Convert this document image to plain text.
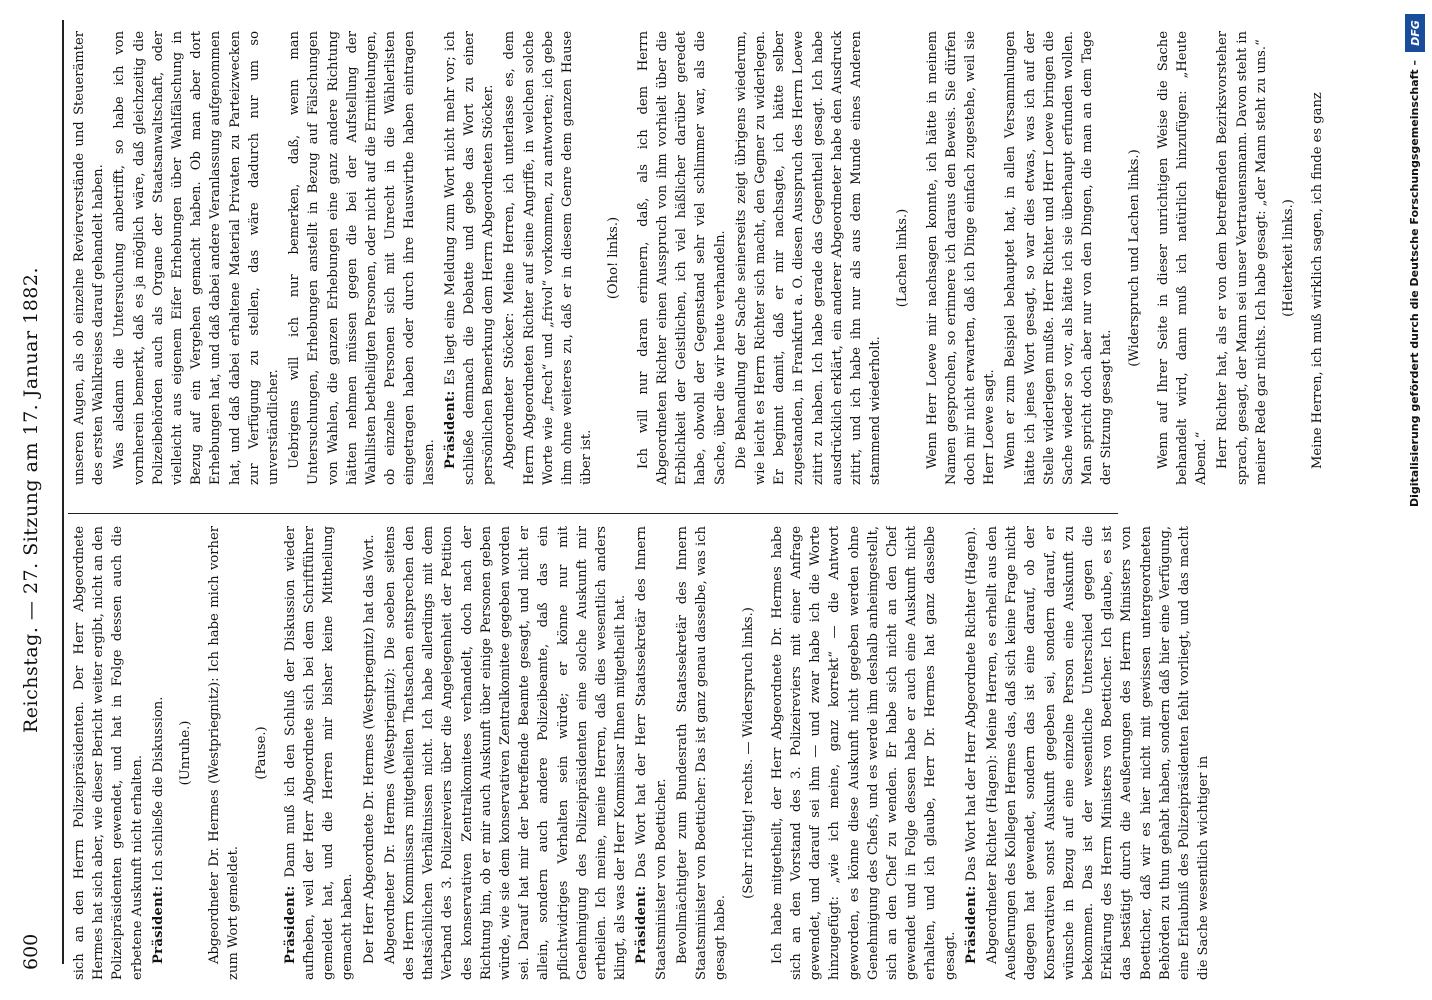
600
Reichstag. — 27. Sitzung am 17. Januar 1882.

sich an den Herrn Polizeipräsidenten. Der Herr Abgeordnete Hermes hat sich aber, wie dieser Bericht weiter ergibt, nicht an den Polizeipräsidenten gewendet, und hat in Folge dessen auch die erbetene Auskunft nicht erhalten. Präsident: Ich schließe die Diskussion. (Unruhe.) Abgeordneter Dr. Hermes (Westpriegnitz): Ich habe mich vorher zum Wort gemeldet.

(Pause.)

Präsident: Dann muß ich den Schluß der Diskussion wieder aufheben, weil der Herr Abgeordnete sich bei dem Schriftführer gemeldet hat, und die Herren mir bisher keine Mittheilung gemacht haben. Der Herr Abgeordnete Dr. Hermes (Westpriegnitz) hat das Wort. Abgeordneter Dr. Hermes (Westpriegnitz): Die soeben seitens des Herrn Kommissars mitgetheilten Thatsachen entsprechen den thatsächlichen Verhältnissen nicht. Ich habe allerdings mit dem Verband des 3. Polizeireviers über die Angelegenheit der Petition des konservativen Zentralkomitees verhandelt, doch nach der Richtung hin, ob er mir auch Auskunft über einige Personen geben würde, wie sie dem konservativen Zentralkomitee gegeben worden sei. Darauf hat mir der betreffende Beamte gesagt, und nicht er allein, sondern auch andere Polizeibeamte, daß das ein pflichtwidriges Verhalten sein würde; er könne nur mit Genehmigung des Polizeipräsidenten eine solche Auskunft mir ertheilen. Ich meine, meine Herren, daß dies wesentlich anders klingt, als was der Herr Kommissar Ihnen mitgetheilt hat. Präsident: Das Wort hat der Herr Staatssekretär des Innern Staatsminister von Boetticher. Bevollmächtigter zum Bundesrath Staatssekretär des Innern Staatsminister von Boetticher: Das ist ganz genau dasselbe, was ich gesagt habe.

(Sehr richtig! rechts. — Widerspruch links.) Ich habe mitgetheilt, der Herr Abgeordnete Dr. Hermes habe sich an den Vorstand des 3. Polizeireviers mit einer Anfrage gewendet, und darauf sei ihm — und zwar habe ich die Worte hinzugefügt: „wie ich meine, ganz korrekt“ — die Antwort geworden, es könne diese Auskunft nicht gegeben werden ohne Genehmigung des Chefs, und es werde ihm deshalb anheimgestellt, sich an den Chef zu wenden. Er habe sich nicht an den Chef gewendet und in Folge dessen habe er auch eine Auskunft nicht erhalten, und ich glaube, Herr Dr. Hermes hat ganz dasselbe gesagt. Präsident: Das Wort hat der Herr Abgeordnete Richter (Hagen). Abgeordneter Richter (Hagen): Meine Herren, es erhellt aus den Aeußerungen des Kollegen Hermes das, daß sich keine Frage nicht dagegen hat gewendet, sondern das ist eine darauf, ob der Konservativen sonst Auskunft gegeben sei, sondern darauf, er wünsche in Bezug auf eine einzelne Person eine Auskunft zu bekommen. Das ist der wesentliche Unterschied gegen die Erklärung des Herrn Ministers von Boetticher. Ich glaube, es ist das bestätigt durch die Aeußerungen des Herrn Ministers von Boetticher, daß wir es hier nicht mit gewissen untergeordneten Behörden zu thun gehabt haben, sondern daß hier eine Verfügung, eine Erlaubniß des Polizeipräsidenten fehlt vorliegt, und das macht die Sache wesentlich wichtiger in

unseren Augen, als ob einzelne Revierverstände und Steuerämter des ersten Wahlkreises darauf gehandelt haben. Was alsdann die Untersuchung anbetrifft, so habe ich von vornherein bemerkt, daß es ja möglich wäre, daß gleichzeitig die Polizeibehörden auch als Organe der Staatsanwaltschaft, oder vielleicht aus eigenem Eifer Erhebungen über Wahlfälschung in Bezug auf ein Vergehen gemacht haben. Ob man aber dort Erhebungen hat, und daß dabei andere Veranlassung aufgenommen hat, und daß dabei erhaltene Material Privaten zu Parteizwecken zur Verfügung zu stellen, das wäre dadurch nur um so unverständlicher. Uebrigens will ich nur bemerken, daß, wenn man Untersuchungen, Erhebungen anstellt in Bezug auf Fälschungen von Wahlen, die ganzen Erhebungen eine ganz andere Richtung hätten nehmen müssen gegen die bei der Aufstellung der Wahllisten betheiligten Personen, oder nicht auf die Ermittelungen, ob einzelne Personen sich mit Unrecht in die Wählerlisten eingetragen haben oder durch ihre Hauswirthe haben eintragen lassen. Präsident: Es liegt eine Meldung zum Wort nicht mehr vor; ich schließe demnach die Debatte und gebe das Wort zu einer persönlichen Bemerkung dem Herrn Abgeordneten Stöcker. Abgeordneter Stöcker: Meine Herren, ich unterlasse es, dem Herrn Abgeordneten Richter auf seine Angriffe, in welchen solche Worte wie „frech“ und „frivol“ vorkommen, zu antworten; ich gebe ihm ohne weiteres zu, daß er in diesem Genre dem ganzen Hause über ist.

(Oho! links.) Ich will nur daran erinnern, daß, als ich dem Herrn Abgeordneten Richter einen Ausspruch von ihm vorhielt über die Erblichkeit der Geistlichen, ich viel häßlicher darüber geredet habe, obwohl der Gegenstand sehr viel schlimmer war, als die Sache, über die wir heute verhandeln. Die Behandlung der Sache seinerseits zeigt übrigens wiederum, wie leicht es Herrn Richter sich macht, den Gegner zu widerlegen. Er beginnt damit, daß er mir nachsagte, ich hätte selber zugestanden, in Frankfurt a. O. diesen Ausspruch des Herrn Loewe zitirt zu haben. Ich habe gerade das Gegentheil gesagt. Ich habe ausdrücklich erklärt, ein anderer Abgeordneter habe den Ausdruck zitirt, und ich habe ihn nur als aus dem Munde eines Anderen stammend wiederholt.

(Lachen links.) Wenn Herr Loewe mir nachsagen konnte, ich hätte in meinem Namen gesprochen, so erinnere ich daraus den Beweis. Sie dürfen doch mir nicht erwarten, daß ich Dinge einfach zugestehe, weil sie Herr Loewe sagt. Wenn er zum Beispiel behauptet hat, in allen Versammlungen hätte ich jenes Wort gesagt, so war dies etwas, was ich auf der Stelle widerlegen mußte. Herr Richter und Herr Loewe bringen die Sache wieder so vor, als hätte ich sie überhaupt erfunden wollen. Man spricht doch aber nur von den Dingen, die man an dem Tage der Sitzung gesagt hat.

(Widerspruch und Lachen links.) Wenn auf Ihrer Seite in dieser unrichtigen Weise die Sache behandelt wird, dann muß ich natürlich hinzufügen: „Heute Abend.“ Herr Richter hat, als er von dem betreffenden Bezirksvorsteher sprach, gesagt, der Mann sei unser Vertrauensmann. Davon steht in meiner Rede gar nichts. Ich habe gesagt: „der Mann steht zu uns.“ (Heiterkeit links.) Meine Herren, ich muß wirklich sagen, ich finde es ganz	Digitalisierung gefördert durch die Deutsche Forschungsgemeinschaft –
DFG
